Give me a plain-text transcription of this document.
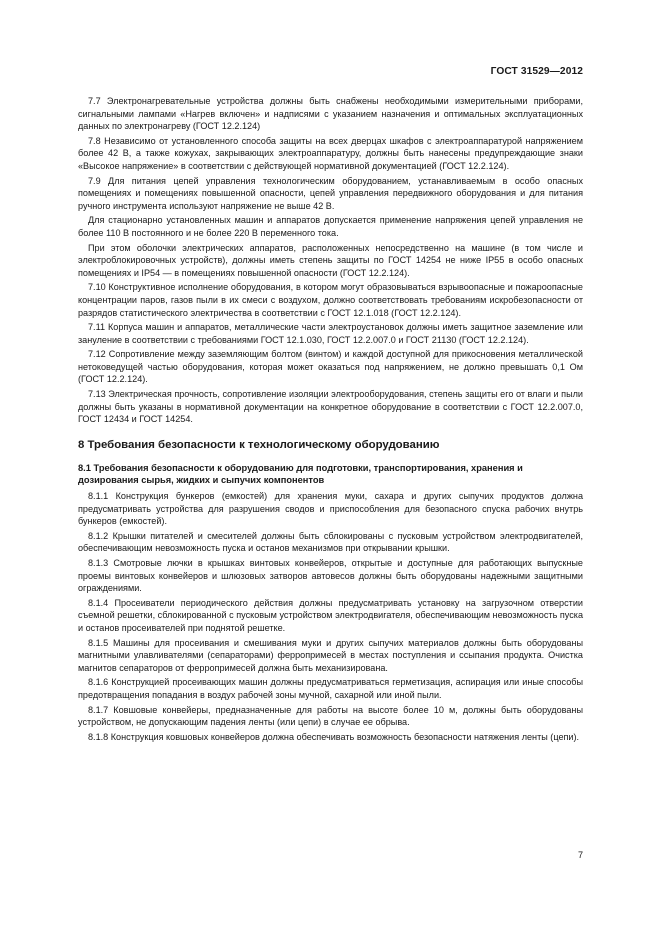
ГОСТ 31529—2012

7.7 Электронагревательные устройства должны быть снабжены необходимыми измерительными приборами, сигнальными лампами «Нагрев включен» и надписями с указанием назначения и оптимальных эксплуатационных данных по электронагреву (ГОСТ 12.2.124)

7.8 Независимо от установленного способа защиты на всех дверцах шкафов с электроаппаратурой напряжением более 42 В, а также кожухах, закрывающих электроаппаратуру, должны быть нанесены предупреждающие знаки «Высокое напряжение» в соответствии с действующей нормативной документацией (ГОСТ 12.2.124).

7.9 Для питания цепей управления технологическим оборудованием, устанавливаемым в особо опасных помещениях и помещениях повышенной опасности, цепей управления передвижного оборудования и для питания ручного инструмента используют напряжение не выше 42 В.

Для стационарно установленных машин и аппаратов допускается применение напряжения цепей управления не более 110 В постоянного и не более 220 В переменного тока.

При этом оболочки электрических аппаратов, расположенных непосредственно на машине (в том числе и электроблокировочных устройств), должны иметь степень защиты по ГОСТ 14254 не ниже IP55 в особо опасных помещениях и IP54 — в помещениях повышенной опасности (ГОСТ 12.2.124).

7.10 Конструктивное исполнение оборудования, в котором могут образовываться взрывоопасные и пожароопасные концентрации паров, газов пыли в их смеси с воздухом, должно соответствовать требованиям искробезопасности от разрядов статистического электричества в соответствии с ГОСТ 12.1.018 (ГОСТ 12.2.124).

7.11 Корпуса машин и аппаратов, металлические части электроустановок должны иметь защитное заземление или зануление в соответствии с требованиями ГОСТ 12.1.030, ГОСТ 12.2.007.0 и ГОСТ 21130 (ГОСТ 12.2.124).

7.12 Сопротивление между заземляющим болтом (винтом) и каждой доступной для прикосновения металлической нетоковедущей частью оборудования, которая может оказаться под напряжением, не должно превышать 0,1 Ом (ГОСТ 12.2.124).

7.13 Электрическая прочность, сопротивление изоляции электрооборудования, степень защиты его от влаги и пыли должны быть указаны в нормативной документации на конкретное оборудование в соответствии с ГОСТ 12.2.007.0, ГОСТ 12434 и ГОСТ 14254.

8 Требования безопасности к технологическому оборудованию
8.1 Требования безопасности к оборудованию для подготовки, транспортирования, хранения и дозирования сырья, жидких и сыпучих компонентов

8.1.1 Конструкция бункеров (емкостей) для хранения муки, сахара и других сыпучих продуктов должна предусматривать устройства для разрушения сводов и приспособления для безопасного спуска рабочих внутрь бункеров (емкостей).

8.1.2 Крышки питателей и смесителей должны быть сблокированы с пусковым устройством электродвигателей, обеспечивающим невозможность пуска и останов механизмов при открывании крышки.

8.1.3 Смотровые лючки в крышках винтовых конвейеров, открытые и доступные для работающих выпускные проемы винтовых конвейеров и шлюзовых затворов автовесов должны быть оборудованы надежными защитными ограждениями.

8.1.4 Просеиватели периодического действия должны предусматривать установку на загрузочном отверстии съемной решетки, сблокированной с пусковым устройством электродвигателя, обеспечивающим невозможность пуска и останов просеивателей при поднятой решетке.

8.1.5 Машины для просеивания и смешивания муки и других сыпучих материалов должны быть оборудованы магнитными улавливателями (сепараторами) ферропримесей в местах поступления и ссыпания продукта. Очистка магнитов сепараторов от ферропримесей должна быть механизирована.

8.1.6 Конструкцией просеивающих машин должны предусматриваться герметизация, аспирация или иные способы предотвращения попадания в воздух рабочей зоны мучной, сахарной или иной пыли.

8.1.7 Ковшовые конвейеры, предназначенные для работы на высоте более 10 м, должны быть оборудованы устройством, не допускающим падения ленты (или цепи) в случае ее обрыва.

8.1.8 Конструкция ковшовых конвейеров должна обеспечивать возможность безопасности натяжения ленты (цепи).

7
